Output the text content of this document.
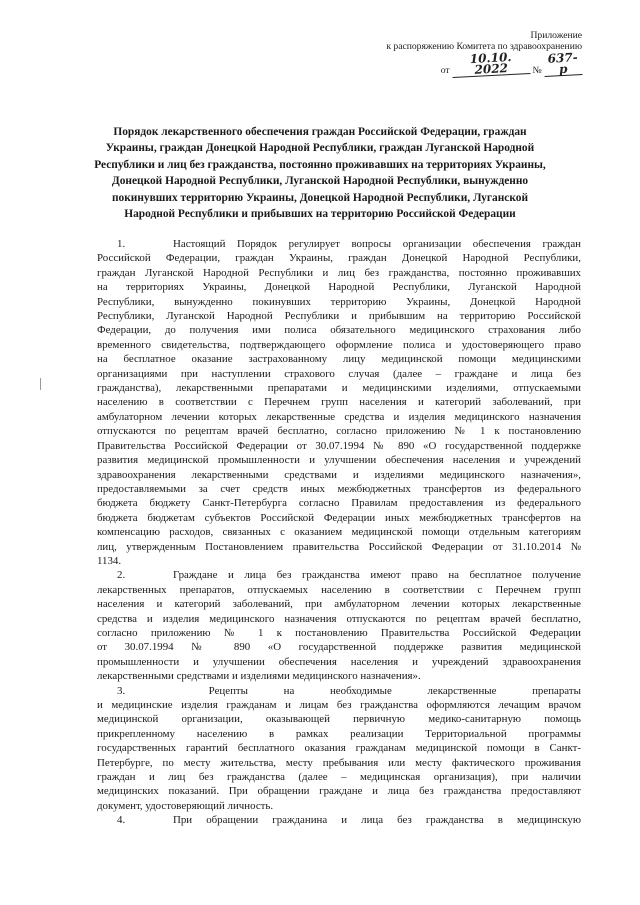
Приложение
к распоряжению Комитета по здравоохранению
от 10.10. 2022	№ 637-р
Порядок лекарственного обеспечения граждан Российской Федерации, граждан
Украины, граждан Донецкой Народной Республики, граждан Луганской Народной
Республики и лиц без гражданства, постоянно проживавших на территориях Украины,
Донецкой Народной Республики, Луганской Народной Республики, вынужденно
покинувших территорию Украины, Донецкой Народной Республики, Луганской
Народной Республики и прибывших на территорию Российской Федерации
1.	Настоящий Порядок регулирует вопросы организации обеспечения граждан
Российской Федерации, граждан Украины, граждан Донецкой Народной Республики,
граждан Луганской Народной Республики и лиц без гражданства, постоянно проживавших
на территориях Украины, Донецкой Народной Республики, Луганской Народной
Республики, вынужденно покинувших территорию Украины, Донецкой Народной
Республики, Луганской Народной Республики и прибывшим на территорию Российской
Федерации, до получения ими полиса обязательного медицинского страхования либо
временного свидетельства, подтверждающего оформление полиса и удостоверяющего право
на бесплатное оказание застрахованному лицу медицинской помощи медицинскими
организациями при наступлении страхового случая (далее – граждане и лица без
гражданства), лекарственными препаратами и медицинскими изделиями, отпускаемыми
населению в соответствии с Перечнем групп населения и категорий заболеваний, при
амбулаторном лечении которых лекарственные средства и изделия медицинского назначения
отпускаются по рецептам врачей бесплатно, согласно приложению № 1 к постановлению
Правительства Российской Федерации от 30.07.1994 № 890 «О государственной поддержке
развития медицинской промышленности и улучшении обеспечения населения и учреждений
здравоохранения лекарственными средствами и изделиями медицинского назначения»,
предоставляемыми за счет средств иных межбюджетных трансфертов из федерального
бюджета бюджету Санкт-Петербурга согласно Правилам предоставления из федерального
бюджета бюджетам субъектов Российской Федерации иных межбюджетных трансфертов на
компенсацию расходов, связанных с оказанием медицинской помощи отдельным категориям
лиц, утвержденным Постановлением правительства Российской Федерации от 31.10.2014 №
1134.
2.	Граждане и лица без гражданства имеют право на бесплатное получение
лекарственных препаратов, отпускаемых населению в соответствии с Перечнем групп
населения и категорий заболеваний, при амбулаторном лечении которых лекарственные
средства и изделия медицинского назначения отпускаются по рецептам врачей бесплатно,
согласно приложению № 1 к постановлению Правительства Российской Федерации
от 30.07.1994 № 890 «О государственной поддержке развития медицинской
промышленности и улучшении обеспечения населения и учреждений здравоохранения
лекарственными средствами и изделиями медицинского назначения».
3.	Рецепты	на	необходимые	лекарственные	препараты
и медицинские изделия гражданам и лицам без гражданства оформляются лечащим врачом
медицинской организации, оказывающей первичную медико-санитарную помощь
прикрепленному населению в рамках реализации Территориальной программы
государственных гарантий бесплатного оказания гражданам медицинской помощи в Санкт-
Петербурге, по месту жительства, месту пребывания или месту фактического проживания
граждан и лиц без гражданства (далее – медицинская организация), при наличии
медицинских показаний. При обращении граждане и лица без гражданства предоставляют
документ, удостоверяющий личность.
4.	При обращении гражданина и лица без гражданства в медицинскую
